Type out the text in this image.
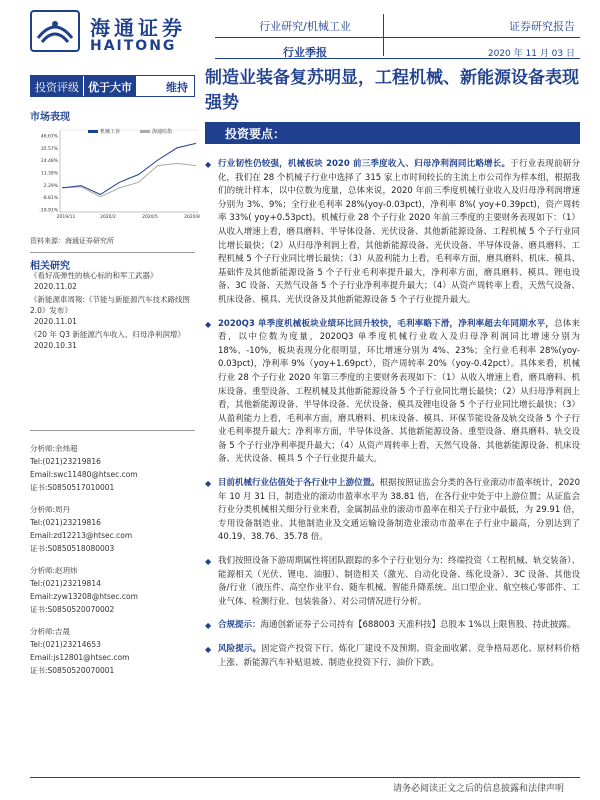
海通证券
HAITONG
行业研究/机械工业
行业季报
证券研究报告
2020 年 11 月 03 日
制造业装备复苏明显，工程机械、新能源设备表现强势
投资评级 优于大市	维持
市场表现
机械工业	海通综指
46.67%
35.57%
24.48%
13.38%
2.29%
-8.81%
-19.91%
2019/11	2020/2	2020/5	2020/8
资料来源：海通证券研究所
相关研究
《看好高弹性的核心标的和军工武器》
2020.11.02
《新能源車周報:《节能与新能源汽车技术路线图 2.0》发布》
2020.11.01
《20 年 Q3 新能源汽车收入、归母净利润增》
2020.10.31
分析师:余炜超
Tel:(021)23219816
Email:swc11480@htsec.com
证书:S0850517010001
分析师:周丹
Tel:(021)23219816
Email:zd12213@htsec.com
证书:S0850518080003
分析师:赵玥炜
Tel:(021)23219814
Email:zyw13208@htsec.com
证书:S0850520070002
分析师:吉晟
Tel:(021)23214653
Email:js12801@htsec.com
证书:S0850520070001
投资要点：
◆ 行业韧性仍较强，机械板块 2020 前三季度收入、归母净利润同比略增长。于行业表现前研分化，我们在 28 个机械子行业中选择了 315 家上市时间较长的主流上市公司作为样本组，根据我们的统计样本，以中位数为度量，总体来说，2020 年前三季度机械行业收入及归母净利润增速分别为 3%、9%；全行业毛利率 28%(yoy-0.03pct)，净利率 8%( yoy+0.39pct)，资产周转率 33%( yoy+0.53pct)。机械行业 28 个子行业 2020 年前三季度的主要财务表现如下：（1）从收入增速上看，磨具磨料、半导体设备、光伏设备、其他新能源设备、工程机械 5 个子行业同比增长最快；（2）从归母净利润上看，其他新能源设备、光伏设备、半导体设备、磨具磨料、工程机械 5 个子行业同比增长最快；（3）从盈利能力上看，毛利率方面，磨具磨料、机床、模具、基础件及其他新能源设备 5 个子行业毛利率提升最大，净利率方面，磨具磨料、模具、锂电设备、3C 设备、天然气设备 5 个子行业净利率提升最大；（4）从资产周转率上看，天然气设备、机床设备、模具、光伏设备及其他新能源设备 5 个子行业提升最大。
◆ 2020Q3 单季度机械板块业绩环比回升较快，毛利率略下滑，净利率超去年同期水平，总体来看，以中位数为度量，2020Q3 单季度机械行业收入及归母净利润同比增速分别为 18%、-10%，板块表现分化很明显，环比增速分别为 4%、23%；全行业毛利率 28%(yoy-0.03pct)，净利率 9%（yoy+1.69pct），资产周转率 20%（yoy-0.42pct）。具体来看，机械行业 28 个子行业 2020 年第三季度的主要财务表现如下：（1）从收入增速上看，磨具磨料、机床设备、重型设备、工程机械及其他新能源设备 5 个子行业同比增长最快；（2）从归母净利润上看，其他新能源设备、半导体设备、光伏设备、模具及锂电设备 5 个子行业同比增长最快；（3）从盈利能力上看，毛利率方面，磨具磨料、机床设备、模具、环保节能设备及轨交设备 5 个子行业毛利率提升最大；净利率方面，半导体设备、其他新能源设备、重型设备、磨具磨料、轨交设备 5 个子行业净利率提升最大；（4）从资产周转率上看，天然气设备、其他新能源设备、机床设备、光伏设备、模具 5 个子行业提升最大。
◆ 目前机械行业估值处于各行业中上游位置。根据按照证监会分类的各行业滚动市盈率统计，2020 年 10 月 31 日，制造业的滚动市盈率水平为 38.81 倍，在各行业中处于中上游位置；从证监会行业分类机械相关细分行业来看，金属制品业的滚动市盈率在相关子行业中最低，为 29.91 倍，专用设备制造业、其他制造业及交通运输设备制造业滚动市盈率在子行业中最高，分别达到了 40.19、38.76、35.78 倍。
◆ 我们按照设备下游周期属性将团队跟踪的多个子行业划分为：终端投资（工程机械、轨交装备）、能源相关（光伏、锂电、油服）、制造相关（激光、自动化设备、练化设备）、3C 设备、其他设备/行业（液压件、高空作业平台、随车机械、智能升降系统、出口型企业、航空核心零部件、工业气体、检测行业、包装装备）、对公司情况进行分析。
◆ 合规提示：海通创新证券子公司持有【688003 天准科技】总股本 1%以上限售股、持此披露。
◆ 风险提示。固定资产投资下行、炼化厂建设不及预期、资金面收紧、竞争格局恶化、原材料价格上涨、新能源汽车补贴退坡、制造业投资下行、油价下跌。
请务必阅读正文之后的信息披露和法律声明
